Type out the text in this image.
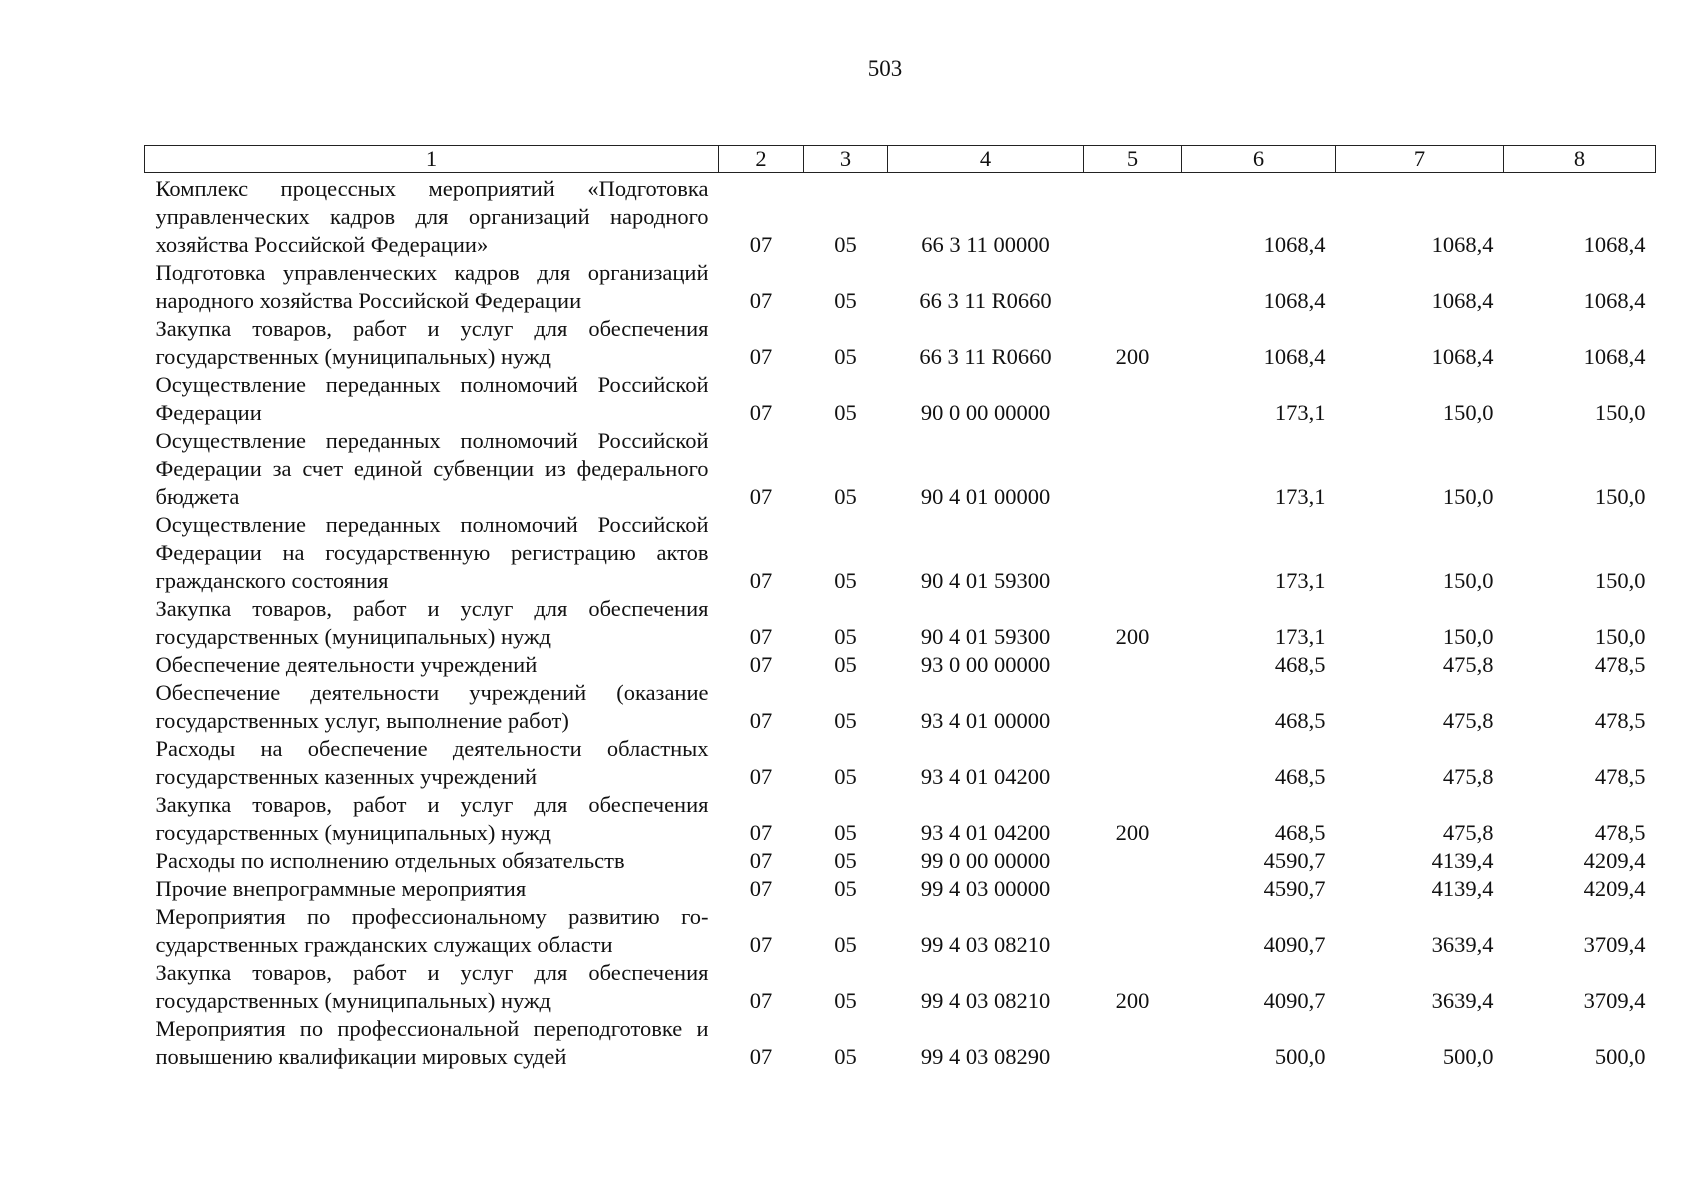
503
1	2	3	4	5	6	7	8
Комплекс процессных мероприятий «Подготовка управленческих кадров для организаций народного хозяйства Российской Федерации»	07	05	66 3 11 00000		1068,4	1068,4	1068,4
Подготовка управленческих кадров для организаций народного хозяйства Российской Федерации	07	05	66 3 11 R0660		1068,4	1068,4	1068,4
Закупка товаров, работ и услуг для обеспечения государственных (муниципальных) нужд	07	05	66 3 11 R0660	200	1068,4	1068,4	1068,4
Осуществление переданных полномочий Российской Федерации	07	05	90 0 00 00000		173,1	150,0	150,0
Осуществление переданных полномочий Российской Федерации за счет единой субвенции из федерального бюджета	07	05	90 4 01 00000		173,1	150,0	150,0
Осуществление переданных полномочий Российской Федерации на государственную регистрацию актов гражданского состояния	07	05	90 4 01 59300		173,1	150,0	150,0
Закупка товаров, работ и услуг для обеспечения государственных (муниципальных) нужд	07	05	90 4 01 59300	200	173,1	150,0	150,0
Обеспечение деятельности учреждений	07	05	93 0 00 00000		468,5	475,8	478,5
Обеспечение деятельности учреждений (оказание государственных услуг, выполнение работ)	07	05	93 4 01 00000		468,5	475,8	478,5
Расходы на обеспечение деятельности областных государственных казенных учреждений	07	05	93 4 01 04200		468,5	475,8	478,5
Закупка товаров, работ и услуг для обеспечения государственных (муниципальных) нужд	07	05	93 4 01 04200	200	468,5	475,8	478,5
Расходы по исполнению отдельных обязательств	07	05	99 0 00 00000		4590,7	4139,4	4209,4
Прочие внепрограммные мероприятия	07	05	99 4 03 00000		4590,7	4139,4	4209,4
Мероприятия по профессиональному развитию государственных гражданских служащих области	07	05	99 4 03 08210		4090,7	3639,4	3709,4
Закупка товаров, работ и услуг для обеспечения государственных (муниципальных) нужд	07	05	99 4 03 08210	200	4090,7	3639,4	3709,4
Мероприятия по профессиональной переподготовке и повышению квалификации мировых судей	07	05	99 4 03 08290		500,0	500,0	500,0
